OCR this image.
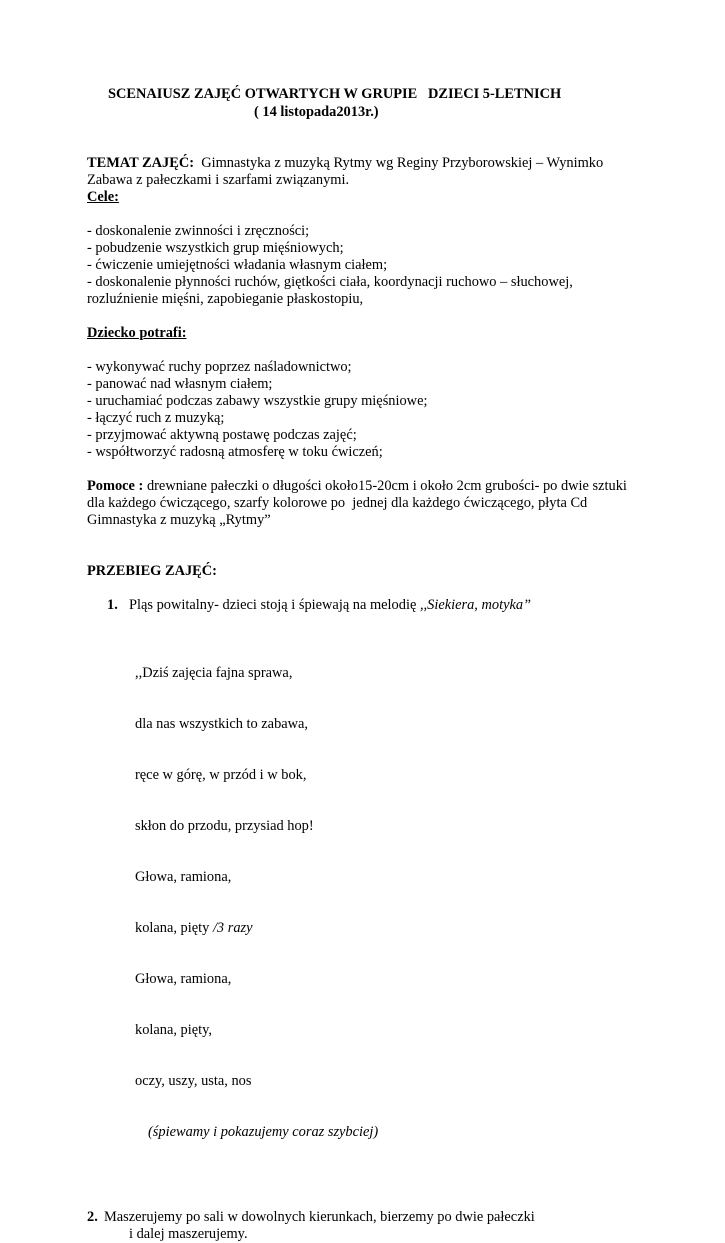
SCENAIUSZ ZAJĘĆ OTWARTYCH W GRUPIE   DZIECI 5-LETNICH

( 14 listopada2013r.)

TEMAT ZAJĘĆ:  Gimnastyka z muzyką Rytmy wg Reginy Przyborowskiej – Wynimko

Zabawa z pałeczkami i szarfami związanymi.

Cele:

- doskonalenie zwinności i zręczności;
- pobudzenie wszystkich grup mięśniowych;
- ćwiczenie umiejętności władania własnym ciałem;
- doskonalenie płynności ruchów, giętkości ciała, koordynacji ruchowo – słuchowej,
rozluźnienie mięśni, zapobieganie płaskostopiu,

Dziecko potrafi:

- wykonywać ruchy poprzez naśladownictwo;
- panować nad własnym ciałem;
- uruchamiać podczas zabawy wszystkie grupy mięśniowe;
- łączyć ruch z muzyką;
- przyjmować aktywną postawę podczas zajęć;
- współtworzyć radosną atmosferę w toku ćwiczeń;

Pomoce : drewniane pałeczki o długości około15-20cm i około 2cm grubości- po dwie sztuki

dla każdego ćwiczącego, szarfy kolorowe po  jednej dla każdego ćwiczącego, płyta Cd

Gimnastyka z muzyką „Rytmy”

PRZEBIEG ZAJĘĆ:

1. Pląs powitalny- dzieci stoją i śpiewają na melodię ,,Siekiera, motyka”

,,Dziś zajęcia fajna sprawa,

dla nas wszystkich to zabawa,

ręce w górę, w przód i w bok,

skłon do przodu, przysiad hop!

Głowa, ramiona,

kolana, pięty /3 razy

Głowa, ramiona,

kolana, pięty,

oczy, uszy, usta, nos

(śpiewamy i pokazujemy coraz szybciej)

2. Maszerujemy po sali w dowolnych kierunkach, bierzemy po dwie pałeczki
i dalej maszerujemy.
